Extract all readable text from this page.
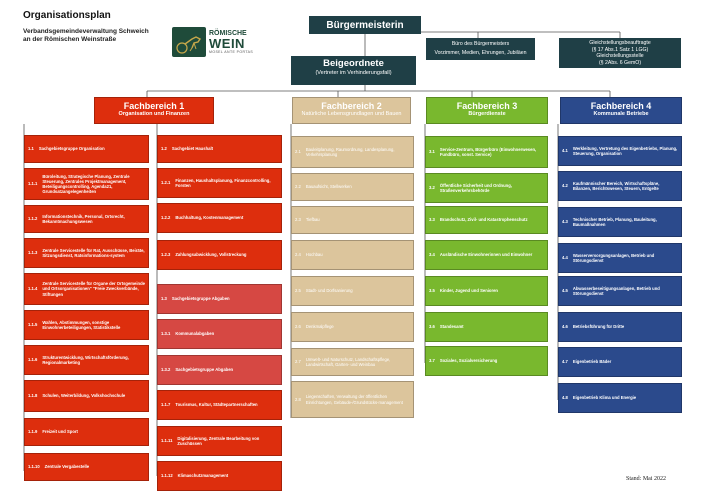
Organisationsplan
Verbandsgemeindeverwaltung Schweich
an der Römischen Weinstraße
RÖMISCHE
WEIN
MOSEL ANTE PORTAS
Bürgermeisterin
Beigeordnete
(Vertreter im Verhinderungsfall)
Büro des Bürgermeisters
Vorzimmer, Medien, Ehrungen, Jubiläen
Gleichstellungsbeauftragte
(§ 17 Abs.1 Satz 1 LGG)
Gleichstellungsstelle
(§ 2Abs. 6 GemO)
Fachbereich 1
Organisation und Finanzen
Fachbereich 2
Natürliche Lebensgrundlagen und Bauen
Fachbereich 3
Bürgerdienste
Fachbereich 4
Kommunale Betriebe
1.1 Sachgebietsgruppe Organisation
1.1.1
Büroleitung, Strategische Planung, Zentrale Steuerung, Zentrales Projektmanagement, Beteiligungscontrolling, Agenda21, Grundsatzangelegenheiten
1.1.2
Informationstechnik, Personal, Ortsrecht, Bekanntmachungswesen
1.1.3
Zentrale Servicestelle für Rat, Ausschüsse, Beiräte, Sitzungsdienst, Ratsinformations-system
1.1.4
Zentrale Servicestelle für Organe der Ortsgemeinde und Ortsorganisationen" "Freie Zweckverbände, Stiftungen
1.1.5
Wahlen, Abstimmungen, sonstige Einwohnerbeteiligungen, Statistikstelle
1.1.6
Strukturentwicklung, Wirtschaftsförderung, Regionalmarketing
1.1.8 Schulen, Weiterbildung, Volkshochschule
1.1.9 Freizeit und Sport
1.1.10 Zentrale Vergabestelle
1.2 Sachgebiet Haushalt
1.2.1
Finanzen, Haushaltsplanung, Finanzcontrolling, Forsten
1.2.2 Buchhaltung, Kostenmanagement
1.2.3 Zahlungsabwicklung, Vollstreckung
1.3 Sachgebietsgruppe Abgaben
1.3.1 Kommunalabgaben
1.3.2 Sachgebietsgruppe Abgaben
1.1.7 Tourismus, Kultur, Städtepartnerschaften
1.1.11
Digitalisierung, Zentrale Bearbeitung von Zuschüssen
1.1.12 Klimaschutzmanagement
2.1
Bauleitplanung, Raumordnung, Landesplanung, Verkehrsplanung
2.2 Bauaufsicht, Stellwerken
2.3 Tiefbau
2.4 Hochbau
2.5 Stadt- und Dorfsanierung
2.6 Denkmalpflege
2.7
Umwelt- und Naturschutz, Landschaftspflege, Landwirtschaft, Garten- und Weinbau
2.8
Liegenschaften, Verwaltung der öffentlichen Einrichtungen, Gebäude-/Grundstücks-management
3.1
Service-Zentrum, Bürgerbüro (Einwohnerwesen, Fundbüro, sonst. Service)
3.2
Öffentliche Sicherheit und Ordnung, Straßenverkehrsbehörde
3.3 Brandschutz, Zivil- und Katastrophenschutz
3.4 Ausländische Einwohnerinnen und Einwohner
3.5 Kinder, Jugend und Senioren
3.6 Standesamt
3.7 Soziales, Sozialversicherung
4.1
Werkleitung, Vertretung des Eigenbetriebs, Planung, Steuerung, Organisation
4.2
Kaufmännischer Bereich, Wirtschaftspläne, Bilanzen, Berichtswesen, Steuern, Entgelte
4.3
Technischer Betrieb, Planung, Bauleitung, Baumaßnahmen
4.4
Wasserversorgungsanlagen, Betrieb und Störungsdienst
4.5
Abwasserbeseitigungsanlagen, Betrieb und Störungsdienst
4.6 Betriebsführung für Dritte
4.7 Eigenbetrieb Bäder
4.8 Eigenbetrieb Klima und Energie
Stand: Mai 2022
